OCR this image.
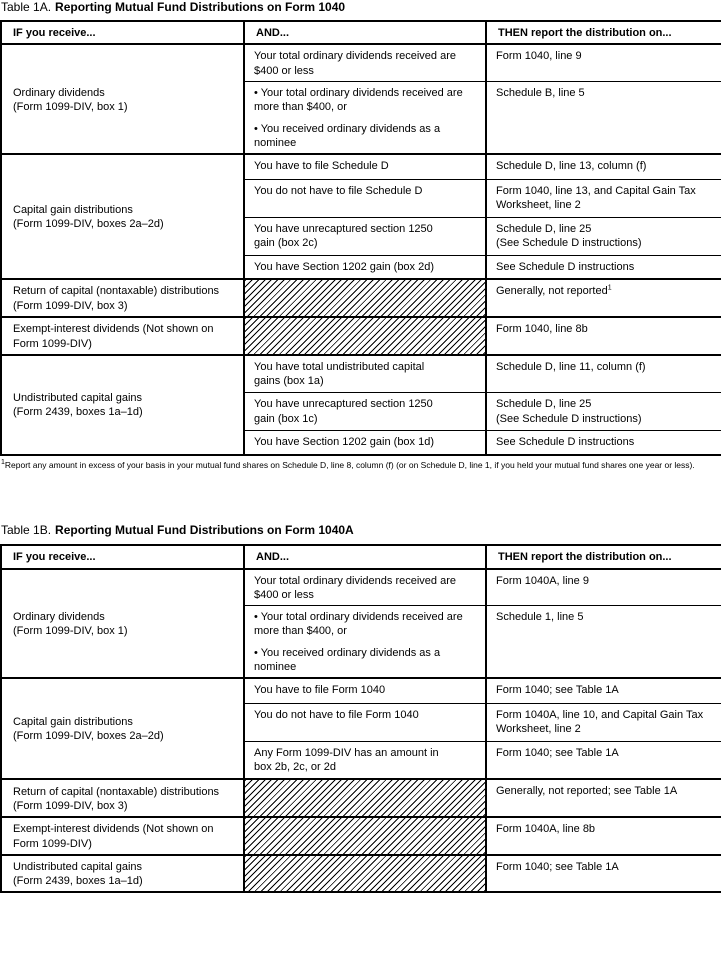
Table 1A. Reporting Mutual Fund Distributions on Form 1040
IF you receive...	AND...	THEN report the distribution on...
Ordinary dividends
(Form 1099-DIV, box 1)	Your total ordinary dividends received are $400 or less	Form 1040, line 9

	• Your total ordinary dividends received are more than $400, or
• You received ordinary dividends as a nominee	Schedule B, line 5
Capital gain distributions
(Form 1099-DIV, boxes 2a–2d)	You have to file Schedule D	Schedule D, line 13, column (f)
	You do not have to file Schedule D	Form 1040, line 13, and Capital Gain Tax Worksheet, line 2
	You have unrecaptured section 1250
gain (box 2c)	Schedule D, line 25
(See Schedule D instructions)
	You have Section 1202 gain (box 2d)	See Schedule D instructions
Return of capital (nontaxable) distributions
(Form 1099-DIV, box 3)		Generally, not reported$^1$
Exempt-interest dividends (Not shown on
Form 1099-DIV)		Form 1040, line 8b
Undistributed capital gains
(Form 2439, boxes 1a–1d)	You have total undistributed capital
gains (box 1a)	Schedule D, line 11, column (f)
	You have unrecaptured section 1250
gain (box 1c)	Schedule D, line 25
(See Schedule D instructions)
	You have Section 1202 gain (box 1d)	See Schedule D instructions
$^1$Report any amount in excess of your basis in your mutual fund shares on Schedule D, line 8, column (f) (or on Schedule D, line 1, if you held your mutual fund shares one year or less).
Table 1B. Reporting Mutual Fund Distributions on Form 1040A
IF you receive...	AND...	THEN report the distribution on...
Ordinary dividends
(Form 1099-DIV, box 1)	Your total ordinary dividends received are $400 or less	Form 1040A, line 9

	• Your total ordinary dividends received are more than $400, or
• You received ordinary dividends as a nominee	Schedule 1, line 5
Capital gain distributions
(Form 1099-DIV, boxes 2a–2d)	You have to file Form 1040	Form 1040; see Table 1A
	You do not have to file Form 1040	Form 1040A, line 10, and Capital Gain Tax Worksheet, line 2
	Any Form 1099-DIV has an amount in
box 2b, 2c, or 2d	Form 1040; see Table 1A
Return of capital (nontaxable) distributions
(Form 1099-DIV, box 3)		Generally, not reported; see Table 1A
Exempt-interest dividends (Not shown on
Form 1099-DIV)		Form 1040A, line 8b
Undistributed capital gains
(Form 2439, boxes 1a–1d)		Form 1040; see Table 1A
